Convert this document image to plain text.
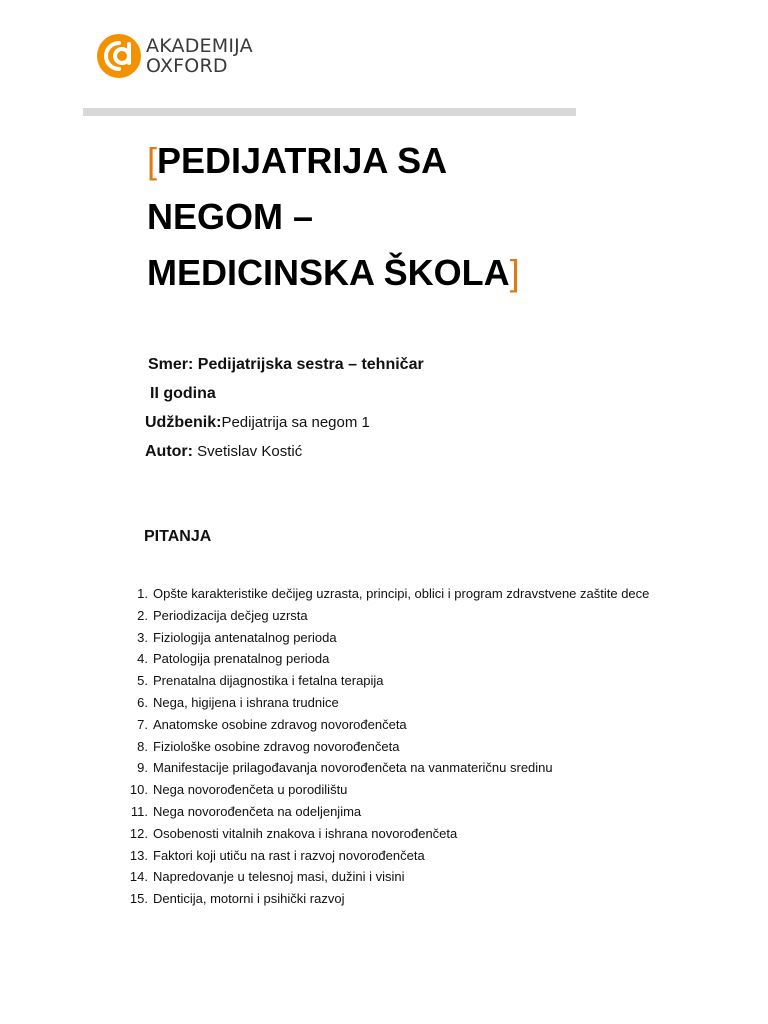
AKADEMIJA
OXFORD
[PEDIJATRIJA SA
NEGOM –
MEDICINSKA ŠKOLA]
Smer: Pedijatrijska sestra – tehničar
II godina
Udžbenik:Pedijatrija sa negom 1
Autor: Svetislav Kostić
PITANJA
1. Opšte karakteristike dečijeg uzrasta, principi, oblici i program zdravstvene zaštite dece
2. Periodizacija dečjeg uzrsta
3. Fiziologija antenatalnog perioda
4. Patologija prenatalnog perioda
5. Prenatalna dijagnostika i fetalna terapija
6. Nega, higijena i ishrana trudnice
7. Anatomske osobine zdravog novorođenčeta
8. Fiziološke osobine zdravog novorođenčeta
9. Manifestacije prilagođavanja novorođenčeta na vanmateričnu sredinu
10. Nega novorođenčeta u porodilištu
11. Nega novorođenčeta na odeljenjima
12. Osobenosti vitalnih znakova i ishrana novorođenčeta
13. Faktori koji utiču na rast i razvoj novorođenčeta
14. Napredovanje u telesnoj masi, dužini i visini
15. Denticija, motorni i psihički razvoj
